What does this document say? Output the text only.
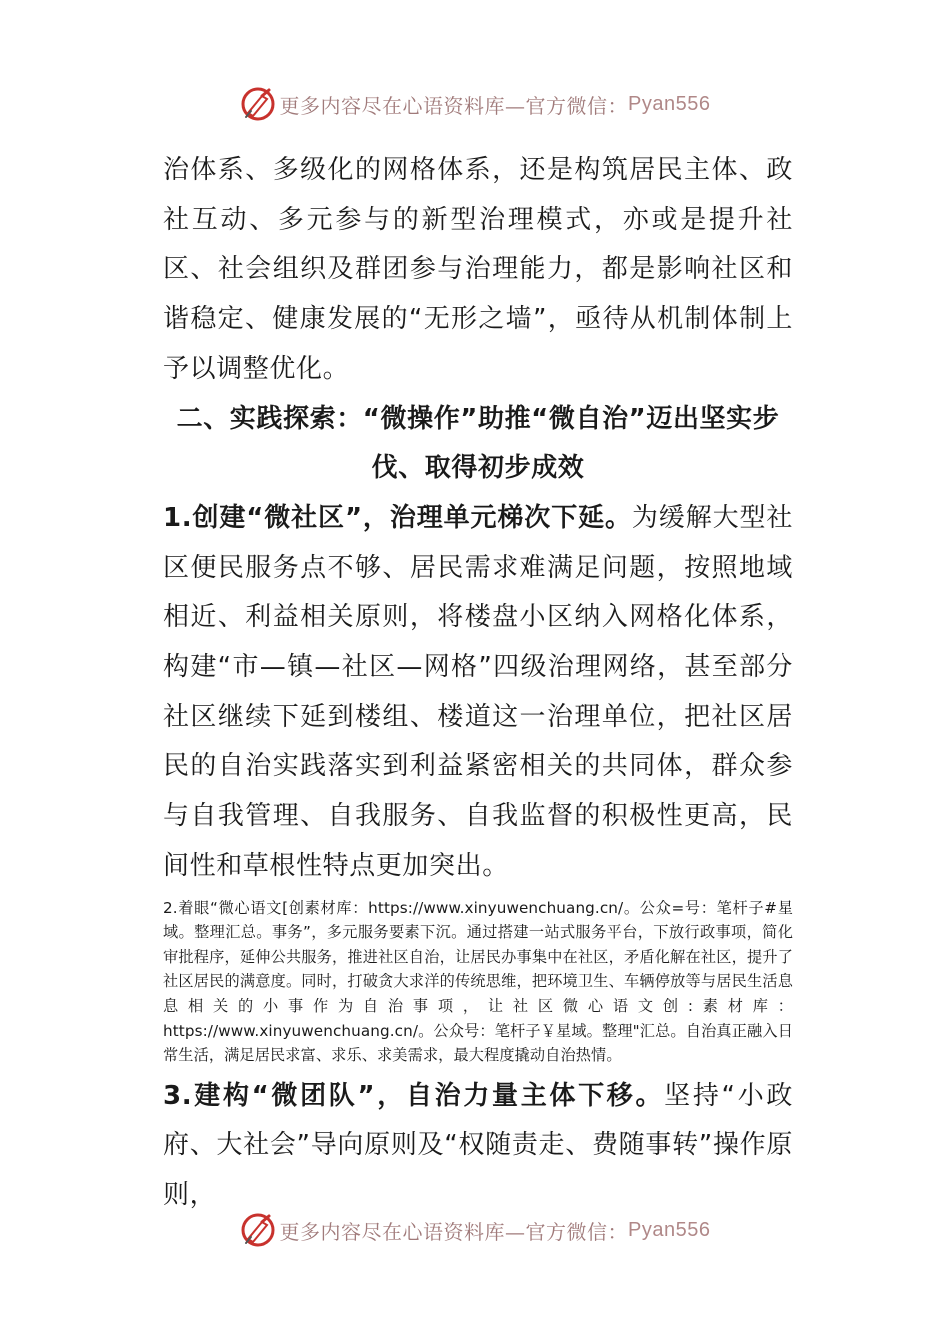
更多内容尽在心语资料库—官方微信： Pyan556

治体系、多级化的网格体系，还是构筑居民主体、政社互动、多元参与的新型治理模式，亦或是提升社区、社会组织及群团参与治理能力，都是影响社区和谐稳定、健康发展的“无形之墙”，亟待从机制体制上予以调整优化。

二、实践探索：“微操作”助推“微自治”迈出坚实步伐、取得初步成效

1.创建“微社区”，治理单元梯次下延。为缓解大型社区便民服务点不够、居民需求难满足问题，按照地域相近、利益相关原则，将楼盘小区纳入网格化体系，构建“市—镇—社区—网格”四级治理网络，甚至部分社区继续下延到楼组、楼道这一治理单位，把社区居民的自治实践落实到利益紧密相关的共同体，群众参与自我管理、自我服务、自我监督的积极性更高，民间性和草根性特点更加突出。

2.着眼“微心语文[创素材库：https://www.xinyuwenchuang.cn/。公众=号：笔杆子#星域。整理汇总。事务”，多元服务要素下沉。通过搭建一站式服务平台，下放行政事项，简化审批程序，延伸公共服务，推进社区自治，让居民办事集中在社区，矛盾化解在社区，提升了社区居民的满意度。同时，打破贪大求洋的传统思维，把环境卫生、车辆停放等与居民生活息息相关的小事作为自治事项，让社区微心语文创:素材库：https://www.xinyuwenchuang.cn/。公众号：笔杆子￥星域。整理"汇总。自治真正融入日常生活，满足居民求富、求乐、求美需求，最大程度撬动自治热情。

3.建构“微团队”，自治力量主体下移。坚持“小政府、大社会”导向原则及“权随责走、费随事转”操作原则，

更多内容尽在心语资料库—官方微信： Pyan556
